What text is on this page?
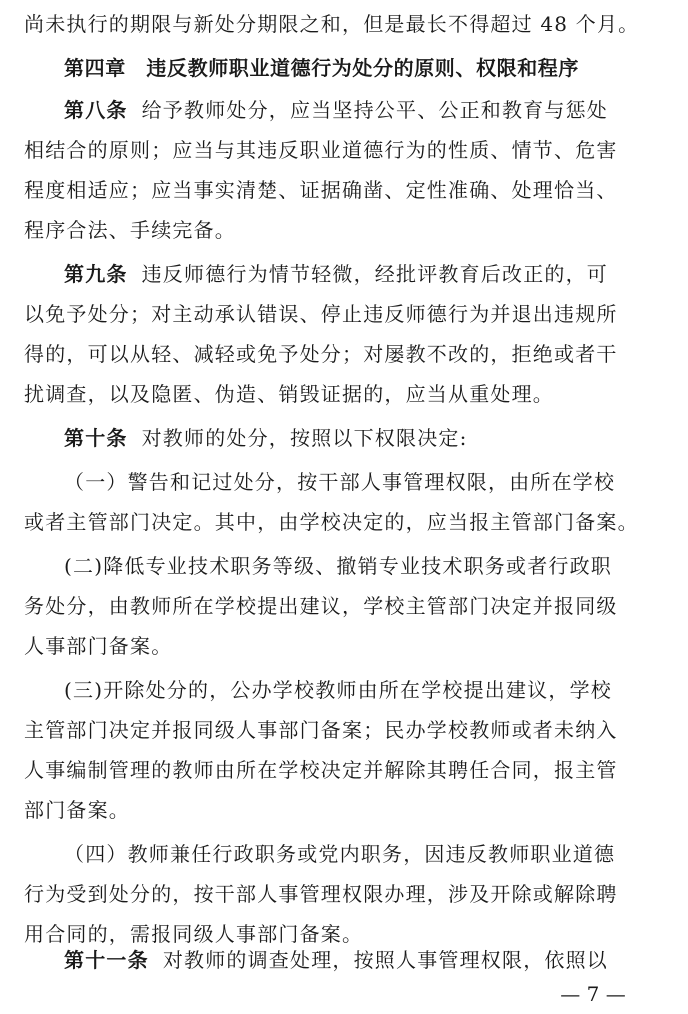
尚未执行的期限与新处分期限之和，但是最长不得超过 48 个月。
第四章　违反教师职业道德行为处分的原则、权限和程序
第八条 给予教师处分，应当坚持公平、公正和教育与惩处
相结合的原则；应当与其违反职业道德行为的性质、情节、危害
程度相适应；应当事实清楚、证据确凿、定性准确、处理恰当、
程序合法、手续完备。
第九条 违反师德行为情节轻微，经批评教育后改正的，可
以免予处分；对主动承认错误、停止违反师德行为并退出违规所
得的，可以从轻、减轻或免予处分；对屡教不改的，拒绝或者干
扰调查，以及隐匿、伪造、销毁证据的，应当从重处理。
第十条 对教师的处分，按照以下权限决定:
（一）警告和记过处分，按干部人事管理权限，由所在学校
或者主管部门决定。其中，由学校决定的，应当报主管部门备案。
(二)降低专业技术职务等级、撤销专业技术职务或者行政职
务处分，由教师所在学校提出建议，学校主管部门决定并报同级
人事部门备案。
(三)开除处分的，公办学校教师由所在学校提出建议，学校
主管部门决定并报同级人事部门备案；民办学校教师或者未纳入
人事编制管理的教师由所在学校决定并解除其聘任合同，报主管
部门备案。
（四）教师兼任行政职务或党内职务，因违反教师职业道德
行为受到处分的，按干部人事管理权限办理，涉及开除或解除聘
用合同的，需报同级人事部门备案。
第十一条 对教师的调查处理，按照人事管理权限，依照以
— 7 —
